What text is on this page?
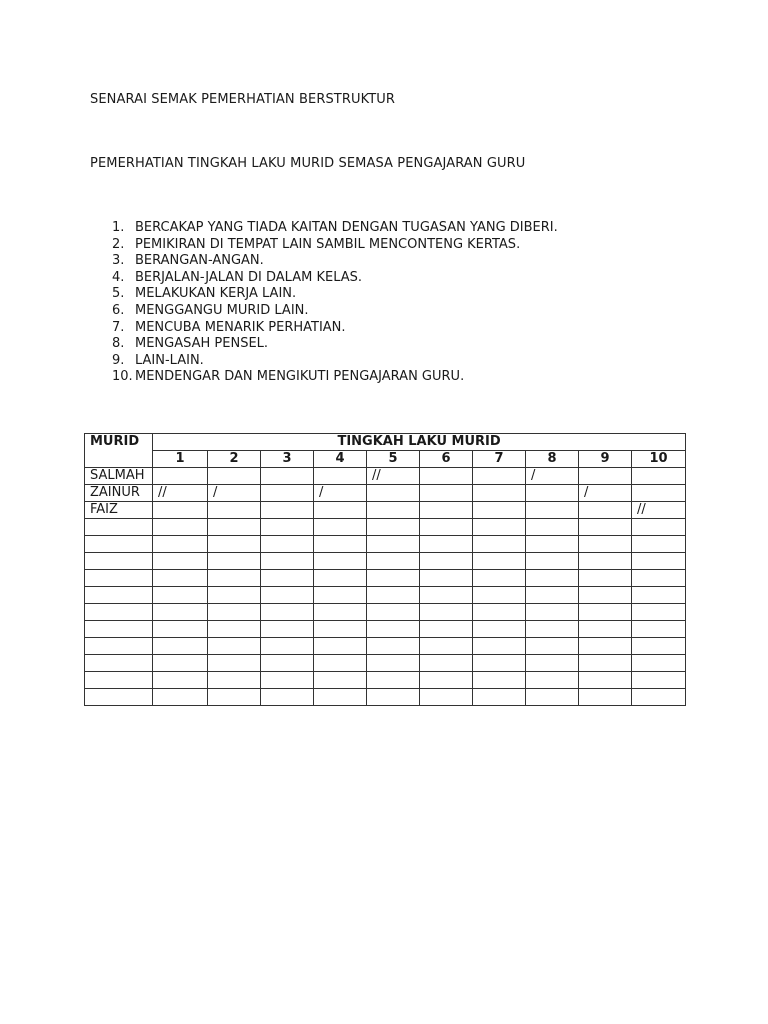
SENARAI SEMAK PEMERHATIAN BERSTRUKTUR
PEMERHATIAN TINGKAH LAKU MURID SEMASA PENGAJARAN GURU
1. BERCAKAP YANG TIADA KAITAN DENGAN TUGASAN YANG DIBERI.
2. PEMIKIRAN DI TEMPAT LAIN SAMBIL MENCONTENG KERTAS.
3. BERANGAN-ANGAN.
4. BERJALAN-JALAN DI DALAM KELAS.
5. MELAKUKAN KERJA LAIN.
6. MENGGANGU MURID LAIN.
7. MENCUBA MENARIK PERHATIAN.
8. MENGASAH PENSEL.
9. LAIN-LAIN.
10. MENDENGAR DAN MENGIKUTI PENGAJARAN GURU.
MURID	TINGKAH LAKU MURID									
	1	2	3	4	5	6	7	8	9	10
SALMAH					//			/		
ZAINUR	//	/		/					/	
FAIZ										//
